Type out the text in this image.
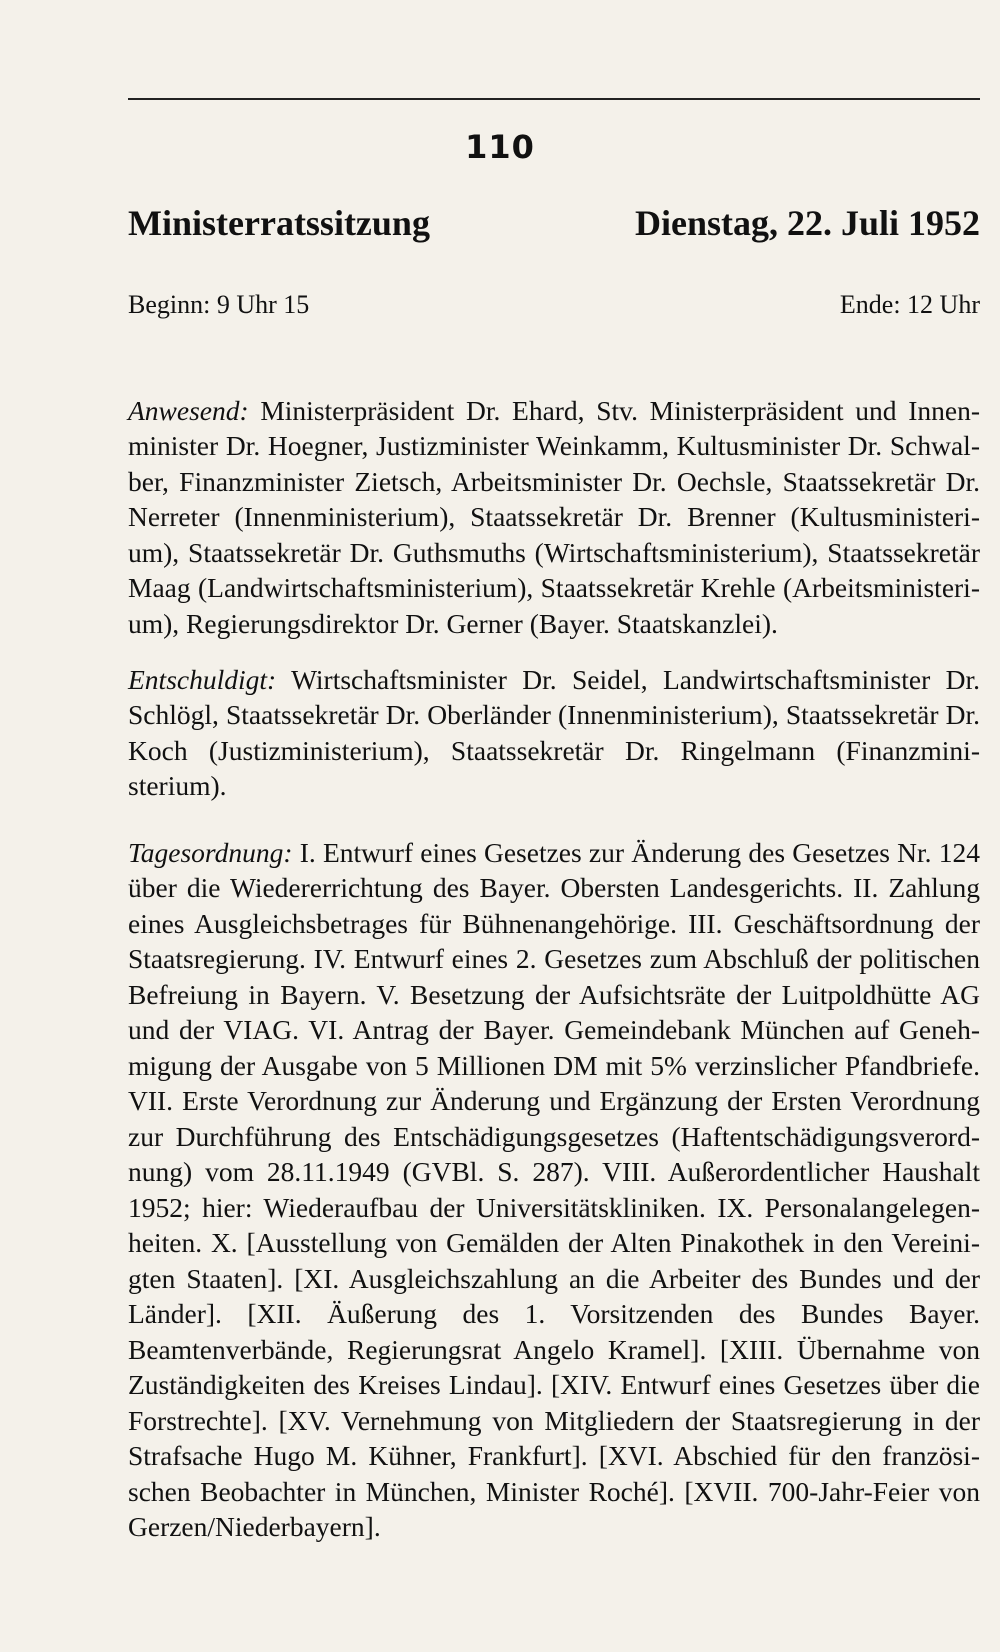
110
Ministerratssitzung	Dienstag, 22. Juli 1952
Beginn: 9 Uhr 15	Ende: 12 Uhr

Anwesend: Ministerpräsident Dr. Ehard, Stv. Ministerpräsident und Innenminister Dr. Hoegner, Justizminister Weinkamm, Kultusminister Dr. Schwalber, Finanzminister Zietsch, Arbeitsminister Dr. Oechsle, Staatssekretär Dr. Nerreter (Innenministerium), Staatssekretär Dr. Brenner (Kultusministerium), Staatssekretär Dr. Guthsmuths (Wirtschaftsministerium), Staatssekretär Maag (Landwirtschaftsministerium), Staatssekretär Krehle (Arbeitsministerium), Regierungsdirektor Dr. Gerner (Bayer. Staatskanzlei).

Entschuldigt: Wirtschaftsminister Dr. Seidel, Landwirtschaftsminister Dr. Schlögl, Staatssekretär Dr. Oberländer (Innenministerium), Staatssekretär Dr. Koch (Justizministerium), Staatssekretär Dr. Ringelmann (Finanzministerium).

Tagesordnung: I. Entwurf eines Gesetzes zur Änderung des Gesetzes Nr. 124 über die Wiedererrichtung des Bayer. Obersten Landesgerichts. II. Zahlung eines Ausgleichsbetrages für Bühnenangehörige. III. Geschäftsordnung der Staatsregierung. IV. Entwurf eines 2. Gesetzes zum Abschluß der politischen Befreiung in Bayern. V. Besetzung der Aufsichtsräte der Luitpoldhütte AG und der VIAG. VI. Antrag der Bayer. Gemeindebank München auf Genehmigung der Ausgabe von 5 Millionen DM mit 5% verzinslicher Pfandbriefe. VII. Erste Verordnung zur Änderung und Ergänzung der Ersten Verordnung zur Durchführung des Entschädigungsgesetzes (Haftentschädigungsverordnung) vom 28.11.1949 (GVBl. S. 287). VIII. Außerordentlicher Haushalt 1952; hier: Wiederaufbau der Universitätskliniken. IX. Personalangelegenheiten. X. [Ausstellung von Gemälden der Alten Pinakothek in den Vereinigten Staaten]. [XI. Ausgleichszahlung an die Arbeiter des Bundes und der Länder]. [XII. Äußerung des 1. Vorsitzenden des Bundes Bayer. Beamtenverbände, Regierungsrat Angelo Kramel]. [XIII. Übernahme von Zuständigkeiten des Kreises Lindau]. [XIV. Entwurf eines Gesetzes über die Forstrechte]. [XV. Vernehmung von Mitgliedern der Staatsregierung in der Strafsache Hugo M. Kühner, Frankfurt]. [XVI. Abschied für den französischen Beobachter in München, Minister Roché]. [XVII. 700-Jahr-Feier von Gerzen/Niederbayern].
